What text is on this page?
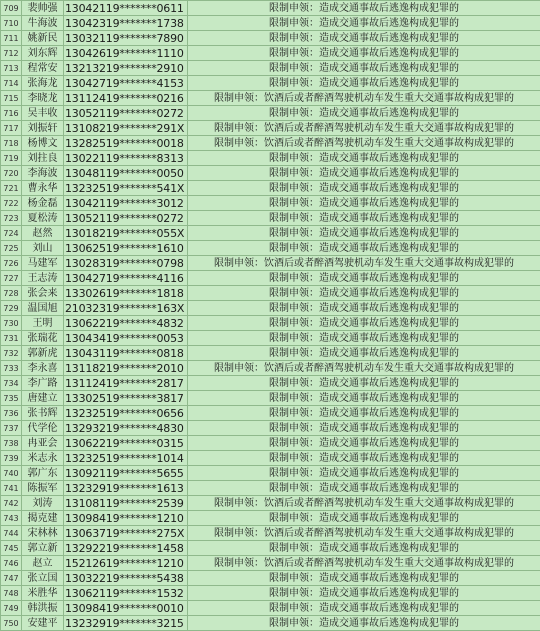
709	裴帅强	13042119*******0611	限制申领：造成交通事故后逃逸构成犯罪的
710	牛海波	13042319*******1738	限制申领：造成交通事故后逃逸构成犯罪的
711	姚新民	13032119*******7890	限制申领：造成交通事故后逃逸构成犯罪的
712	刘东辉	13042619*******1110	限制申领：造成交通事故后逃逸构成犯罪的
713	程常安	13213219*******2910	限制申领：造成交通事故后逃逸构成犯罪的
714	张海龙	13042719*******4153	限制申领：造成交通事故后逃逸构成犯罪的
715	李晓龙	13112419*******0216	限制申领：饮酒后或者醉酒驾驶机动车发生重大交通事故构成犯罪的
716	吴丰收	13052119*******0272	限制申领：造成交通事故后逃逸构成犯罪的
717	刘振轩	13108219*******291X	限制申领：饮酒后或者醉酒驾驶机动车发生重大交通事故构成犯罪的
718	杨博文	13282519*******0018	限制申领：饮酒后或者醉酒驾驶机动车发生重大交通事故构成犯罪的
719	刘拄良	13022119*******8313	限制申领：造成交通事故后逃逸构成犯罪的
720	李海波	13048119*******0050	限制申领：造成交通事故后逃逸构成犯罪的
721	曹永华	13232519*******541X	限制申领：造成交通事故后逃逸构成犯罪的
722	杨金磊	13042119*******3012	限制申领：造成交通事故后逃逸构成犯罪的
723	夏松涛	13052119*******0272	限制申领：造成交通事故后逃逸构成犯罪的
724	赵然	13018219*******055X	限制申领：造成交通事故后逃逸构成犯罪的
725	刘山	13062519*******1610	限制申领：造成交通事故后逃逸构成犯罪的
726	马建军	13028319*******0798	限制申领：饮酒后或者醉酒驾驶机动车发生重大交通事故构成犯罪的
727	王志涛	13042719*******4116	限制申领：造成交通事故后逃逸构成犯罪的
728	张会来	13302619*******1818	限制申领：造成交通事故后逃逸构成犯罪的
729	温国旭	21032319*******163X	限制申领：造成交通事故后逃逸构成犯罪的
730	王明	13062219*******4832	限制申领：造成交通事故后逃逸构成犯罪的
731	张瑞花	13043419*******0053	限制申领：造成交通事故后逃逸构成犯罪的
732	郭新虎	13043119*******0818	限制申领：造成交通事故后逃逸构成犯罪的
733	李永喜	13118219*******2010	限制申领：饮酒后或者醉酒驾驶机动车发生重大交通事故构成犯罪的
734	李广路	13112419*******2817	限制申领：造成交通事故后逃逸构成犯罪的
735	唐建立	13302519*******3817	限制申领：造成交通事故后逃逸构成犯罪的
736	张书辉	13232519*******0656	限制申领：造成交通事故后逃逸构成犯罪的
737	代学伦	13293219*******4830	限制申领：造成交通事故后逃逸构成犯罪的
738	冉亚会	13062219*******0315	限制申领：造成交通事故后逃逸构成犯罪的
739	米志永	13232519*******1014	限制申领：造成交通事故后逃逸构成犯罪的
740	郭广东	13092119*******5655	限制申领：造成交通事故后逃逸构成犯罪的
741	陈振军	13232919*******1613	限制申领：造成交通事故后逃逸构成犯罪的
742	刘涛	13108119*******2539	限制申领：饮酒后或者醉酒驾驶机动车发生重大交通事故构成犯罪的
743	揭克建	13098419*******1210	限制申领：造成交通事故后逃逸构成犯罪的
744	宋林林	13063719*******275X	限制申领：饮酒后或者醉酒驾驶机动车发生重大交通事故构成犯罪的
745	郭立新	13292219*******1458	限制申领：造成交通事故后逃逸构成犯罪的
746	赵立	15212619*******1210	限制申领：饮酒后或者醉酒驾驶机动车发生重大交通事故构成犯罪的
747	张立国	13032219*******5438	限制申领：造成交通事故后逃逸构成犯罪的
748	米胜华	13062119*******1532	限制申领：造成交通事故后逃逸构成犯罪的
749	韩洪振	13098419*******0010	限制申领：造成交通事故后逃逸构成犯罪的
750	安建平	13232919*******3215	限制申领：造成交通事故后逃逸构成犯罪的
